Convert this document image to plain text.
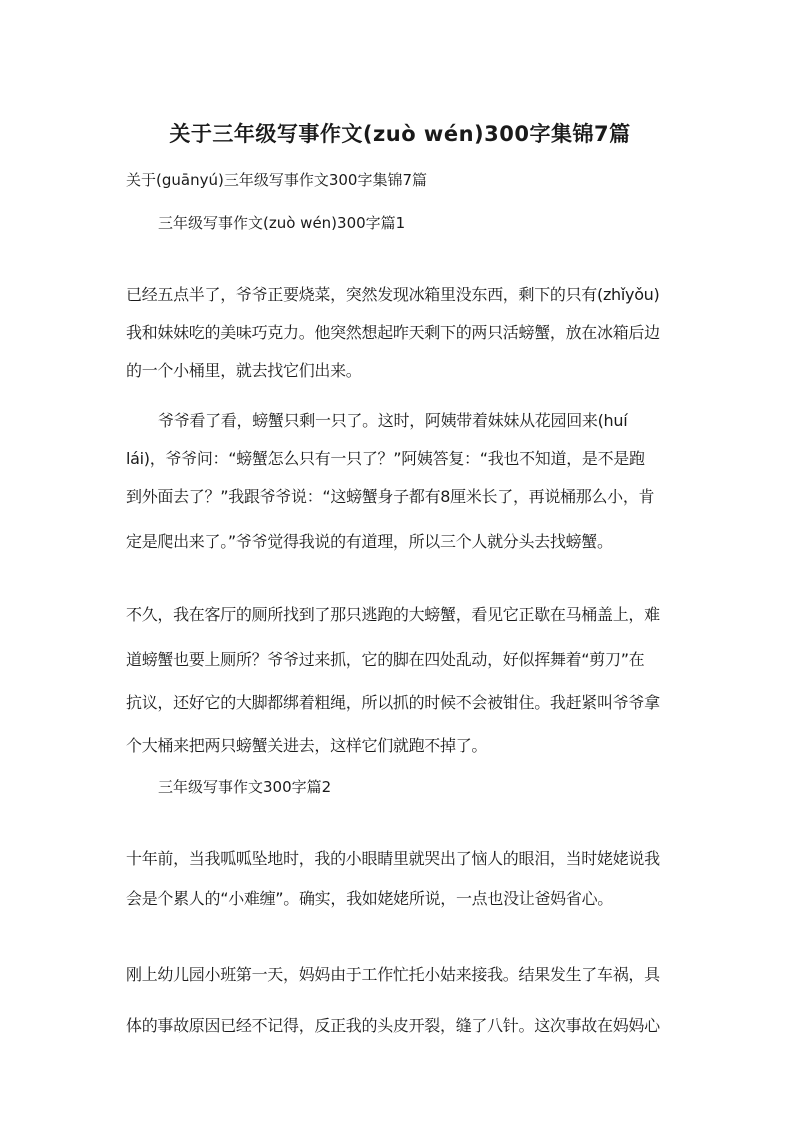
关于三年级写事作文(zuò wén)300字集锦7篇
关于(guānyú)三年级写事作文300字集锦7篇
三年级写事作文(zuò wén)300字篇1
已经五点半了，爷爷正要烧菜，突然发现冰箱里没东西，剩下的只有(zhǐyǒu)
我和妹妹吃的美味巧克力。他突然想起昨天剩下的两只活螃蟹，放在冰箱后边
的一个小桶里，就去找它们出来。
爷爷看了看，螃蟹只剩一只了。这时，阿姨带着妹妹从花园回来(huí
lái)，爷爷问：“螃蟹怎么只有一只了？”阿姨答复：“我也不知道，是不是跑
到外面去了？”我跟爷爷说：“这螃蟹身子都有8厘米长了，再说桶那么小，肯
定是爬出来了。”爷爷觉得我说的有道理，所以三个人就分头去找螃蟹。
不久，我在客厅的厕所找到了那只逃跑的大螃蟹，看见它正歇在马桶盖上，难
道螃蟹也要上厕所？爷爷过来抓，它的脚在四处乱动，好似挥舞着“剪刀”在
抗议，还好它的大脚都绑着粗绳，所以抓的时候不会被钳住。我赶紧叫爷爷拿
个大桶来把两只螃蟹关进去，这样它们就跑不掉了。
三年级写事作文300字篇2
十年前，当我呱呱坠地时，我的小眼睛里就哭出了恼人的眼泪，当时姥姥说我
会是个累人的“小难缠”。确实，我如姥姥所说，一点也没让爸妈省心。
刚上幼儿园小班第一天，妈妈由于工作忙托小姑来接我。结果发生了车祸，具
体的事故原因已经不记得，反正我的头皮开裂，缝了八针。这次事故在妈妈心
